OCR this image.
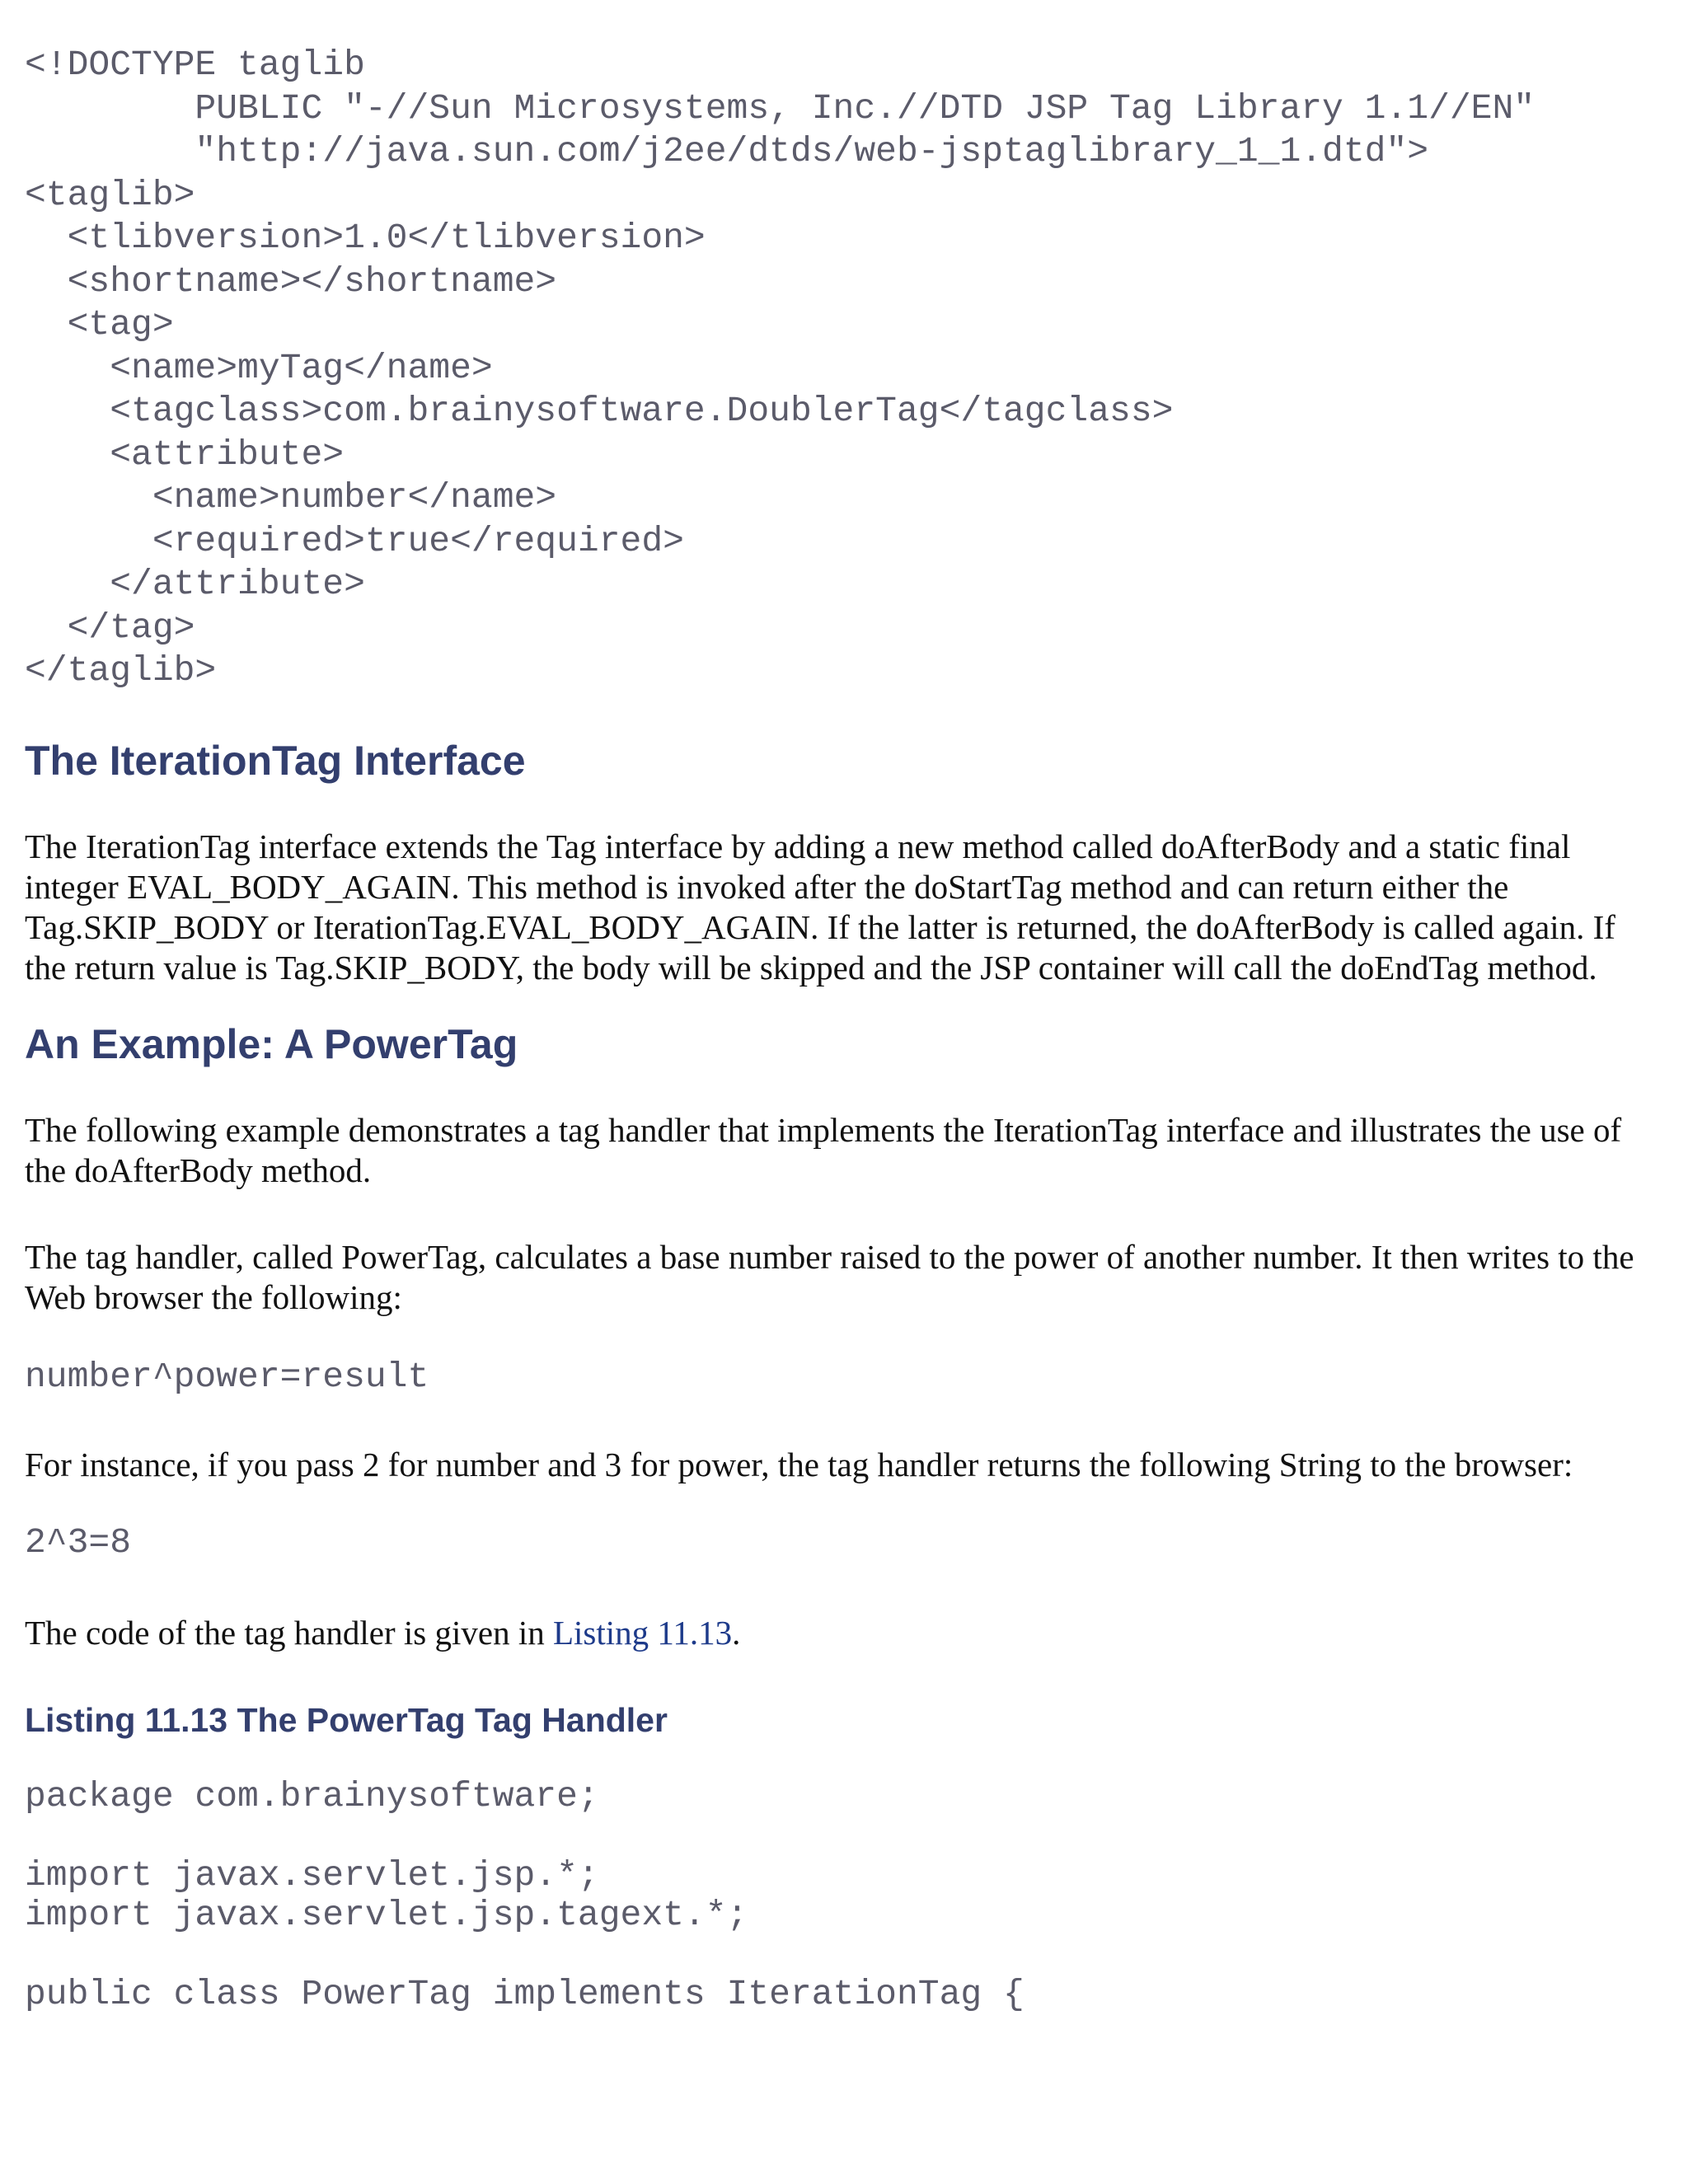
<!DOCTYPE taglib
PUBLIC "-//Sun Microsystems, Inc.//DTD JSP Tag Library 1.1//EN"
"http://java.sun.com/j2ee/dtds/web-jsptaglibrary_1_1.dtd">
<taglib>
<tlibversion>1.0</tlibversion>
<shortname></shortname>
<tag>
<name>myTag</name>
<tagclass>com.brainysoftware.DoublerTag</tagclass>
<attribute>
<name>number</name>
<required>true</required>
</attribute>
</tag>
</taglib>
The IterationTag Interface

The IterationTag interface extends the Tag interface by adding a new method called doAfterBody and a static final integer EVAL_BODY_AGAIN. This method is invoked after the doStartTag method and can return either the Tag.SKIP_BODY or IterationTag.EVAL_BODY_AGAIN. If the latter is returned, the doAfterBody is called again. If the return value is Tag.SKIP_BODY, the body will be skipped and the JSP container will call the doEndTag method.

An Example: A PowerTag

The following example demonstrates a tag handler that implements the IterationTag interface and illustrates the use of the doAfterBody method.

The tag handler, called PowerTag, calculates a base number raised to the power of another number. It then writes to the Web browser the following:

number^power=result

For instance, if you pass 2 for number and 3 for power, the tag handler returns the following String to the browser:

2^3=8

The code of the tag handler is given in Listing 11.13.

Listing 11.13 The PowerTag Tag Handler
package com.brainysoftware;
import javax.servlet.jsp.*;
import javax.servlet.jsp.tagext.*;
public class PowerTag implements IterationTag {
